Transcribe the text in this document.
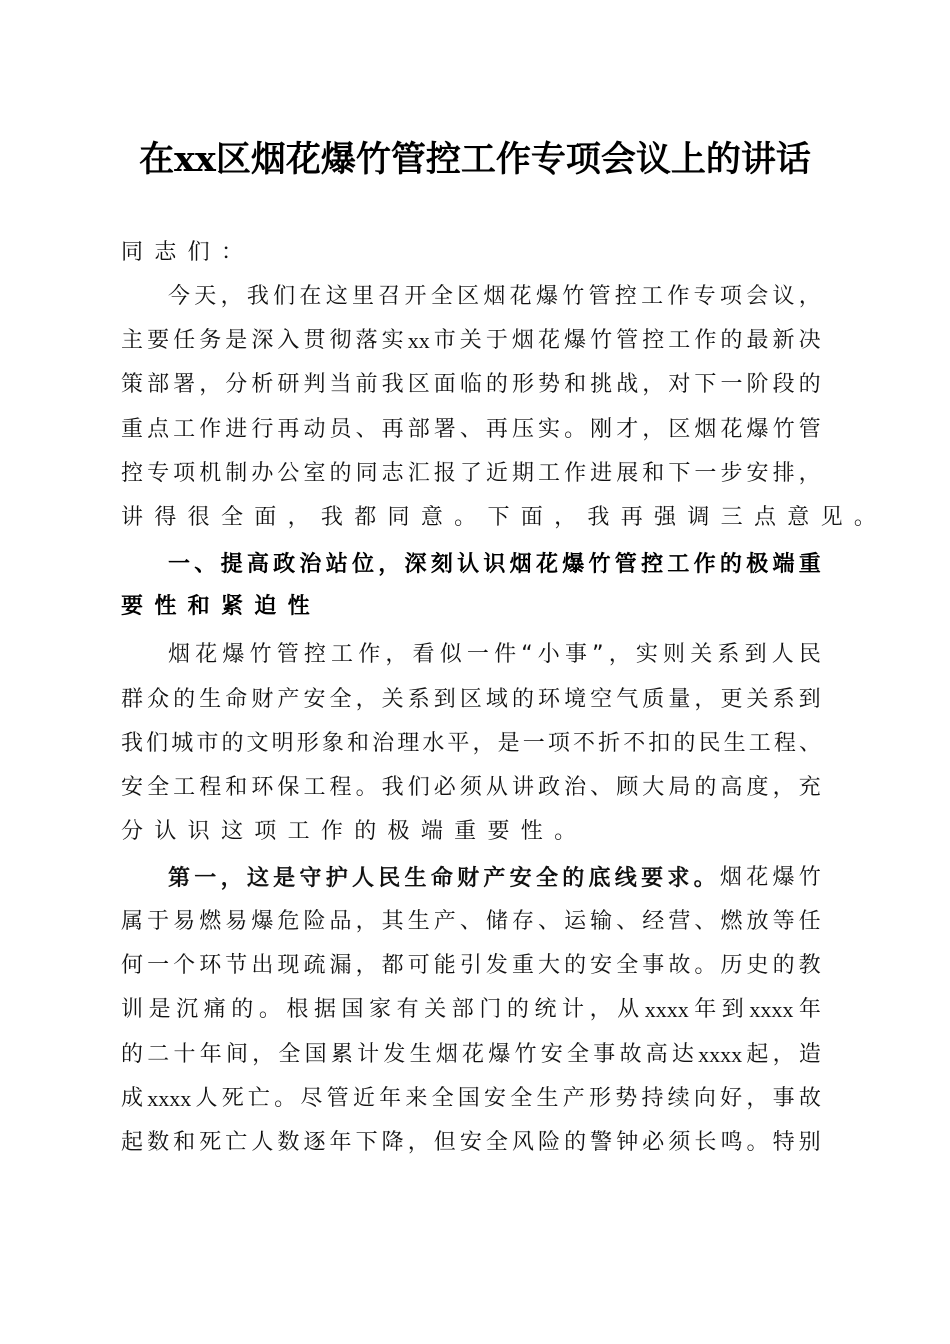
在xx区烟花爆竹管控工作专项会议上的讲话
同 志 们 ：
今 天 ， 我 们 在 这 里 召 开 全 区 烟 花 爆 竹 管 控 工 作 专 项 会 议 ，
主 要 任 务 是 深 入 贯 彻 落 实 xx 市 关 于 烟 花 爆 竹 管 控 工 作 的 最 新 决
策 部 署 ， 分 析 研 判 当 前 我 区 面 临 的 形 势 和 挑 战 ， 对 下 一 阶 段 的
重 点 工 作 进 行 再 动 员 、 再 部 署 、 再 压 实 。 刚 才 ， 区 烟 花 爆 竹 管
控 专 项 机 制 办 公 室 的 同 志 汇 报 了 近 期 工 作 进 展 和 下 一 步 安 排 ，
讲 得 很 全 面 ， 我 都 同 意 。 下 面 ， 我 再 强 调 三 点 意 见 。
一 、 提 高 政 治 站 位 ， 深 刻 认 识 烟 花 爆 竹 管 控 工 作 的 极 端 重
要 性 和 紧 迫 性
烟 花 爆 竹 管 控 工 作 ， 看 似 一 件 “ 小 事 ” ， 实 则 关 系 到 人 民
群 众 的 生 命 财 产 安 全 ， 关 系 到 区 域 的 环 境 空 气 质 量 ， 更 关 系 到
我 们 城 市 的 文 明 形 象 和 治 理 水 平 ， 是 一 项 不 折 不 扣 的 民 生 工 程 、
安 全 工 程 和 环 保 工 程 。 我 们 必 须 从 讲 政 治 、 顾 大 局 的 高 度 ， 充
分 认 识 这 项 工 作 的 极 端 重 要 性 。
第 一 ， 这 是 守 护 人 民 生 命 财 产 安 全 的 底 线 要 求 。 烟 花 爆 竹
属 于 易 燃 易 爆 危 险 品 ， 其 生 产 、 储 存 、 运 输 、 经 营 、 燃 放 等 任
何 一 个 环 节 出 现 疏 漏 ， 都 可 能 引 发 重 大 的 安 全 事 故 。 历 史 的 教
训 是 沉 痛 的 。 根 据 国 家 有 关 部 门 的 统 计 ， 从 xxxx 年 到 xxxx 年
的 二 十 年 间 ， 全 国 累 计 发 生 烟 花 爆 竹 安 全 事 故 高 达 xxxx 起 ， 造
成 xxxx 人 死 亡 。 尽 管 近 年 来 全 国 安 全 生 产 形 势 持 续 向 好 ， 事 故
起 数 和 死 亡 人 数 逐 年 下 降 ， 但 安 全 风 险 的 警 钟 必 须 长 鸣 。 特 别
